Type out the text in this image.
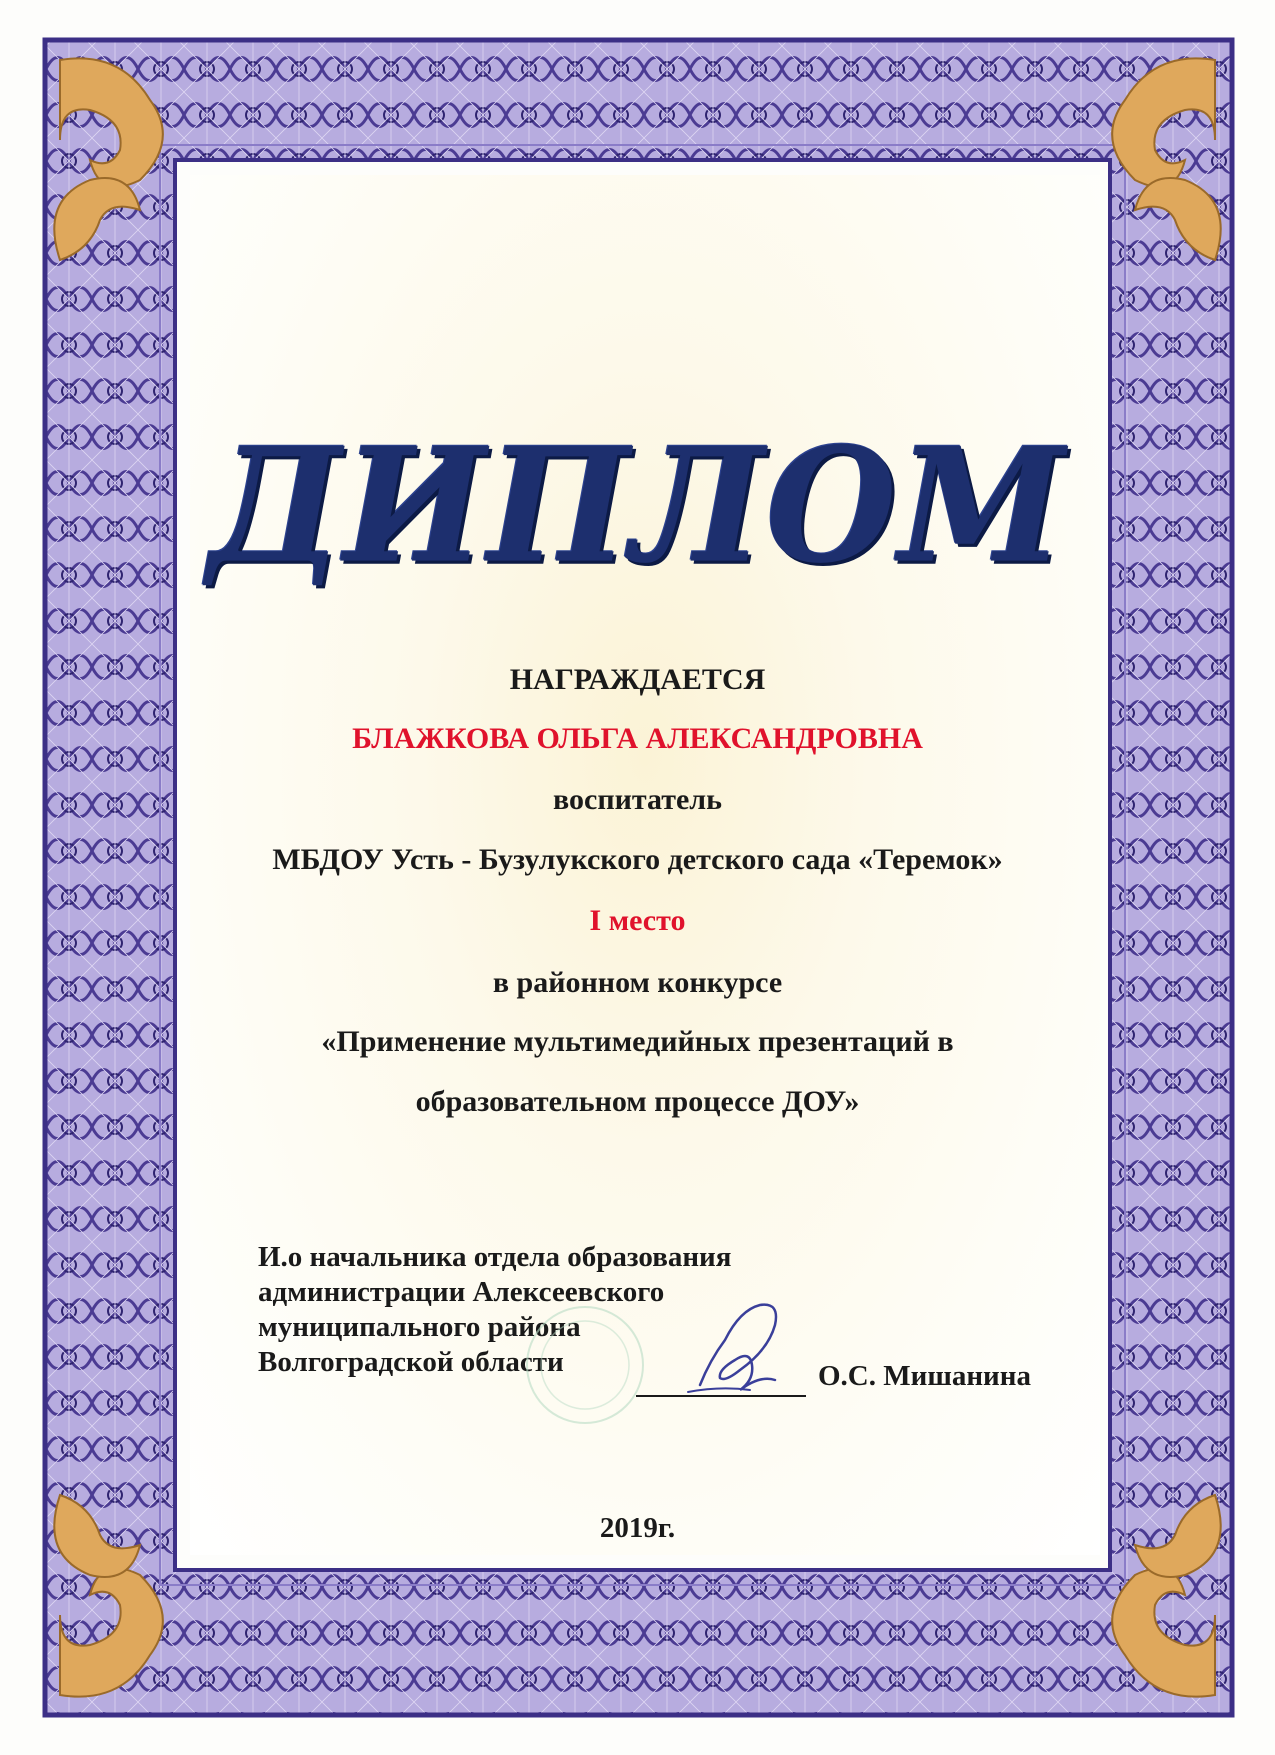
ДИПЛОМ
НАГРАЖДАЕТСЯ
БЛАЖКОВА ОЛЬГА АЛЕКСАНДРОВНА
воспитатель
МБДОУ Усть - Бузулукского детского сада «Теремок»
I место
в районном конкурсе
«Применение мультимедийных презентаций в
образовательном процессе ДОУ»
И.о начальника отдела образования
администрации Алексеевского
муниципального района
Волгоградской области	О.С. Мишанина
2019г.
